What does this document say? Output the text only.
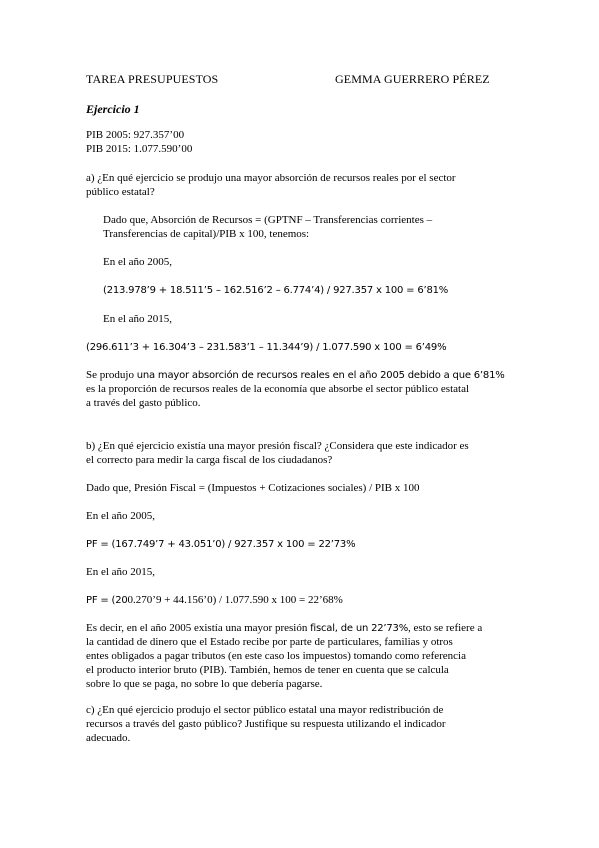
TAREA PRESUPUESTOS	GEMMA GUERRERO PÉREZ
Ejercicio 1
PIB 2005: 927.357’00
PIB 2015: 1.077.590’00
a) ¿En qué ejercicio se produjo una mayor absorción de recursos reales por el sector
público estatal?
Dado que, Absorción de Recursos = (GPTNF – Transferencias corrientes –
Transferencias de capital)/PIB x 100, tenemos:
En el año 2005,
(213.978’9 + 18.511’5 – 162.516’2 – 6.774’4) / 927.357 x 100 = 6’81%
En el año 2015,
(296.611’3 + 16.304’3 – 231.583’1 – 11.344’9) / 1.077.590 x 100 = 6’49%
Se produjo una mayor absorción de recursos reales en el año 2005 debido a que 6’81%
es la proporción de recursos reales de la economía que absorbe el sector público estatal
a través del gasto público.
b) ¿En qué ejercicio existía una mayor presión fiscal? ¿Considera que este indicador es
el correcto para medir la carga fiscal de los ciudadanos?
Dado que, Presión Fiscal = (Impuestos + Cotizaciones sociales) / PIB x 100
En el año 2005,
PF = (167.749’7 + 43.051’0) / 927.357 x 100 = 22’73%
En el año 2015,
PF = (200.270’9 + 44.156’0) / 1.077.590 x 100 = 22’68%
Es decir, en el año 2005 existía una mayor presión fiscal, de un 22’73%, esto se refiere a
la cantidad de dinero que el Estado recibe por parte de particulares, familias y otros
entes obligados a pagar tributos (en este caso los impuestos) tomando como referencia
el producto interior bruto (PIB). También, hemos de tener en cuenta que se calcula
sobre lo que se paga, no sobre lo que debería pagarse.
c) ¿En qué ejercicio produjo el sector público estatal una mayor redistribución de
recursos a través del gasto público? Justifique su respuesta utilizando el indicador
adecuado.
